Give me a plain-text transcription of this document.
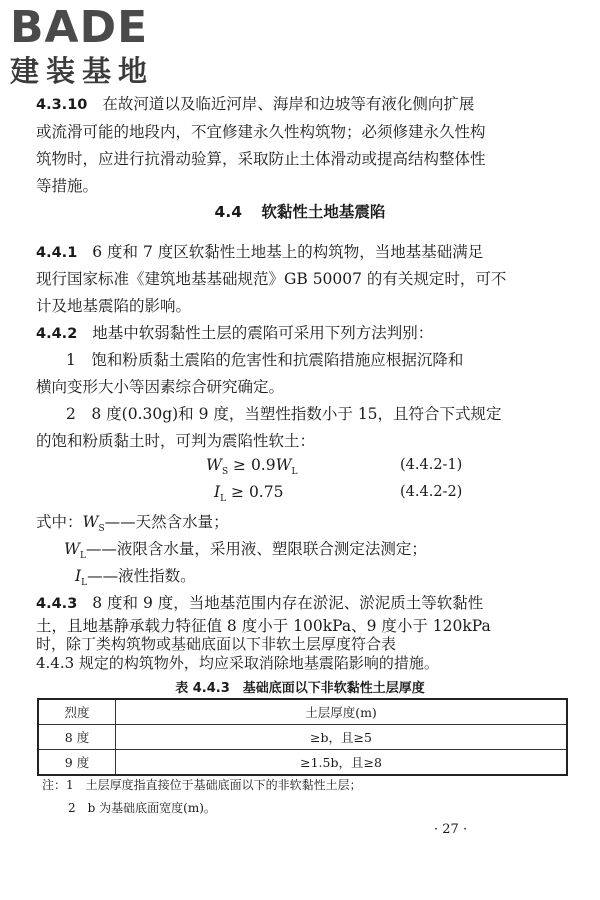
BADE
建装基地
4.3.10 在故河道以及临近河岸、海岸和边坡等有液化侧向扩展
或流滑可能的地段内，不宜修建永久性构筑物；必须修建永久性构
筑物时，应进行抗滑动验算，采取防止土体滑动或提高结构整体性
等措施。
4.4 软黏性土地基震陷
4.4.1 6 度和 7 度区软黏性土地基上的构筑物，当地基基础满足
现行国家标准《建筑地基基础规范》GB 50007 的有关规定时，可不
计及地基震陷的影响。
4.4.2 地基中软弱黏性土层的震陷可采用下列方法判别：
1　饱和粉质黏土震陷的危害性和抗震陷措施应根据沉降和
横向变形大小等因素综合研究确定。
2　8 度(0.30g)和 9 度，当塑性指数小于 15，且符合下式规定
的饱和粉质黏土时，可判为震陷性软土：
$W_S \ge 0.9W_L$	(4.4.2-1)
$I_L \ge 0.75$	(4.4.2-2)
式中：$W_S——$天然含水量；
$W_L——$液限含水量，采用液、塑限联合测定法测定；
$I_L——$液性指数。
4.4.3 8 度和 9 度，当地基范围内存在淤泥、淤泥质土等软黏性
土，且地基静承载力特征值 8 度小于 100kPa、9 度小于 120kPa
时，除丁类构筑物或基础底面以下非软土层厚度符合表
表 4.4.3　基础底面以下非软黏性土层厚度
烈度	土层厚度(m)
8 度	≥b，且≥5
9 度	≥1.5b，且≥8
注：1　土层厚度指直接位于基础底面以下的非软黏性土层；
2　b 为基础底面宽度(m)。
· 27 ·
4.4.3 规定的构筑物外，均应采取消除地基震陷影响的措施。
